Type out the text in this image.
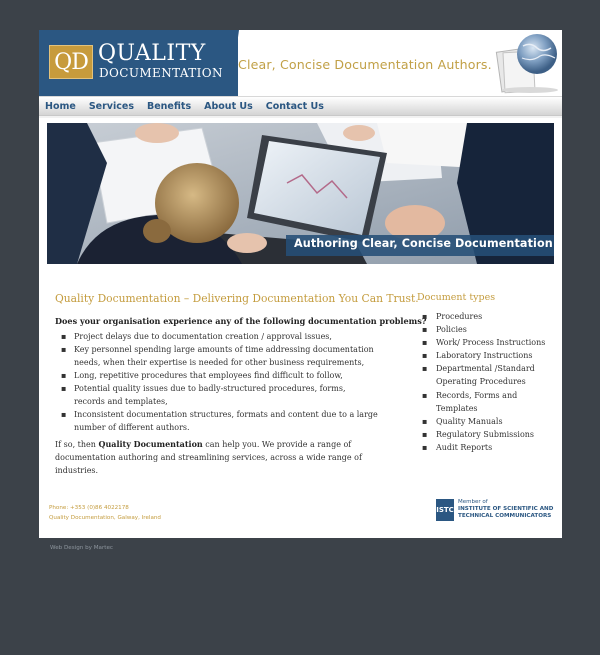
QD QUALITY
DOCUMENTATION
Clear, Concise Documentation Authors.
Home Services Benefits About Us Contact Us
Authoring Clear, Concise Documentation
Quality Documentation – Delivering Documentation You Can Trust.
Does your organisation experience any of the following documentation problems?
▪ Project delays due to documentation creation / approval issues,
▪ Key personnel spending large amounts of time addressing documentation needs, when their expertise is needed for other business requirements,
▪ Long, repetitive procedures that employees find difficult to follow,
▪ Potential quality issues due to badly-structured procedures, forms, records and templates,
▪ Inconsistent documentation structures, formats and content due to a large number of different authors.

If so, then Quality Documentation can help you. We provide a range of documentation authoring and streamlining services, across a wide range of industries.

Phone: +353 (0)86 4022178
Quality Documentation, Galway, Ireland
Document types
▪ Procedures
▪ Policies
▪ Work/ Process Instructions
▪ Laboratory Instructions
▪ Departmental /Standard Operating Procedures
▪ Records, Forms and Templates
▪ Quality Manuals
▪ Regulatory Submissions
▪ Audit Reports
ISTC
Member of
INSTITUTE OF SCIENTIFIC AND
TECHNICAL COMMUNICATORS
Web Design by Martec
